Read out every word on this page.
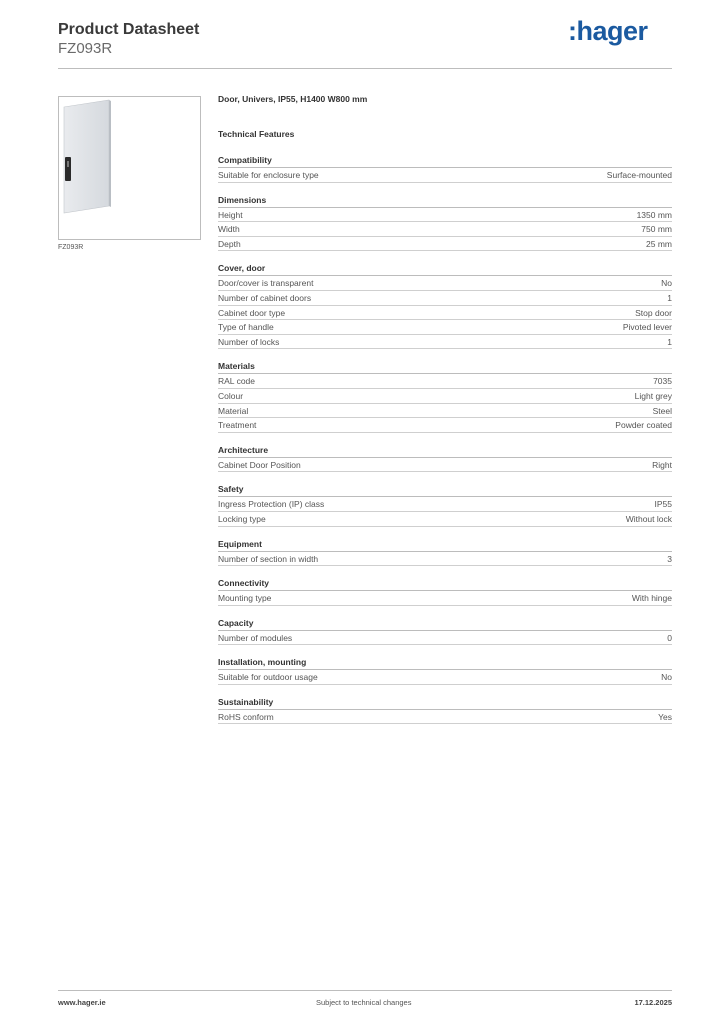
Product Datasheet
FZ093R
:hager
FZ093R
Door, Univers, IP55, H1400 W800 mm
Technical Features
Compatibility
Suitable for enclosure type	Surface-mounted
Dimensions
Height	1350 mm
Width	750 mm
Depth	25 mm
Cover, door
Door/cover is transparent	No
Number of cabinet doors	1
Cabinet door type	Stop door
Type of handle	Pivoted lever
Number of locks	1
Materials
RAL code	7035
Colour	Light grey
Material	Steel
Treatment	Powder coated
Architecture
Cabinet Door Position	Right
Safety
Ingress Protection (IP) class	IP55
Locking type	Without lock
Equipment
Number of section in width	3
Connectivity
Mounting type	With hinge
Capacity
Number of modules	0
Installation, mounting
Suitable for outdoor usage	No
Sustainability
RoHS conform	Yes
www.hager.ie	Subject to technical changes	17.12.2025
